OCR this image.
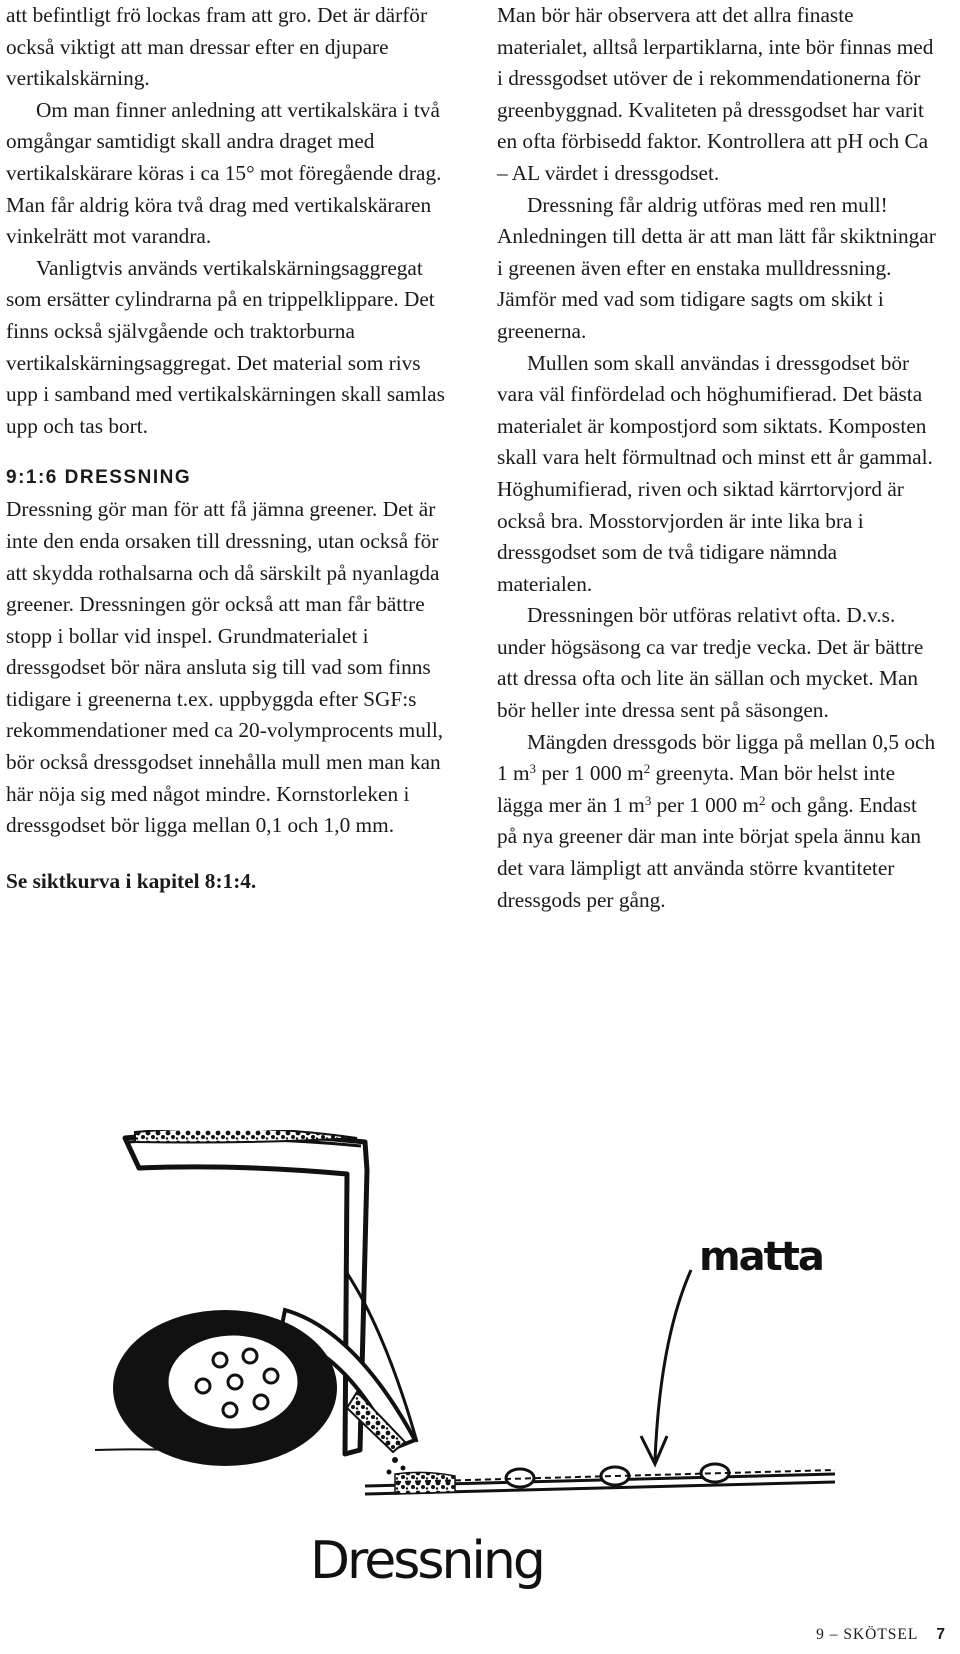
att befintligt frö lockas fram att gro. Det är därför också viktigt att man dressar efter en djupare vertikalskärning.

Om man finner anledning att vertikalskära i två omgångar samtidigt skall andra draget med vertikalskärare köras i ca 15° mot föregående drag. Man får aldrig köra två drag med vertikalskäraren vinkelrätt mot varandra.

Vanligtvis används vertikalskärningsaggregat som ersätter cylindrarna på en trippelklippare. Det finns också självgående och traktorburna vertikalskärningsaggregat. Det material som rivs upp i samband med vertikalskärningen skall samlas upp och tas bort.

9:1:6 DRESSNING

Dressning gör man för att få jämna greener. Det är inte den enda orsaken till dressning, utan också för att skydda rothalsarna och då särskilt på nyanlagda greener. Dressningen gör också att man får bättre stopp i bollar vid inspel. Grundmaterialet i dressgodset bör nära ansluta sig till vad som finns tidigare i greenerna t.ex. uppbyggda efter SGF:s rekommendationer med ca 20-volymprocents mull, bör också dressgodset innehålla mull men man kan här nöja sig med något mindre. Kornstorleken i dressgodset bör ligga mellan 0,1 och 1,0 mm.

Se siktkurva i kapitel 8:1:4.

Man bör här observera att det allra finaste materialet, alltså lerpartiklarna, inte bör finnas med i dressgodset utöver de i rekommendationerna för greenbyggnad. Kvaliteten på dressgodset har varit en ofta förbisedd faktor. Kontrollera att pH och Ca – AL värdet i dressgodset.

Dressning får aldrig utföras med ren mull! Anledningen till detta är att man lätt får skiktningar i greenen även efter en enstaka mulldressning. Jämför med vad som tidigare sagts om skikt i greenerna.

Mullen som skall användas i dressgodset bör vara väl finfördelad och höghumifierad. Det bästa materialet är kompostjord som siktats. Komposten skall vara helt förmultnad och minst ett år gammal. Höghumifierad, riven och siktad kärrtorvjord är också bra. Mosstorvjorden är inte lika bra i dressgodset som de två tidigare nämnda materialen.

Dressningen bör utföras relativt ofta. D.v.s. under högsäsong ca var tredje vecka. Det är bättre att dressa ofta och lite än sällan och mycket. Man bör heller inte dressa sent på säsongen.

Mängden dressgods bör ligga på mellan 0,5 och 1 $m^3$ per 1 000 $m^2$ greenyta. Man bör helst inte lägga mer än 1 $m^3$ per 1 000 $m^2$ och gång. Endast på nya greener där man inte börjat spela ännu kan det vara lämpligt att använda större kvantiteter dressgods per gång.

matta
Dressning
9 – SKÖTSEL 7
